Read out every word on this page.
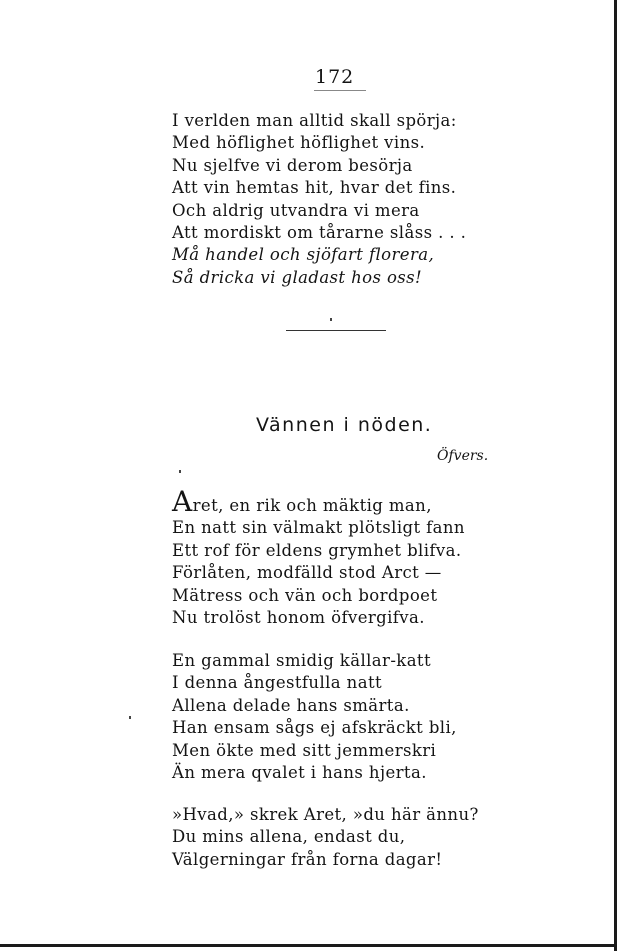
172
I verlden man alltid skall spörja:
Med höflighet höflighet vins.
Nu sjelfve vi derom besörja
Att vin hemtas hit, hvar det fins.
Och aldrig utvandra vi mera
Att mordiskt om tårarne slåss . . .
Må handel och sjöfart florera,
Så dricka vi gladast hos oss!
Vännen i nöden.
Öfvers.
Aret, en rik och mäktig man,
En natt sin välmakt plötsligt fann
Ett rof för eldens grymhet blifva.
Förlåten, modfälld stod Arct —
Mätress och vän och bordpoet
Nu trolöst honom öfvergifva.
En gammal smidig källar-katt
I denna ångestfulla natt
Allena delade hans smärta.
Han ensam sågs ej afskräckt bli,
Men ökte med sitt jemmerskri
Än mera qvalet i hans hjerta.
»Hvad,» skrek Aret, »du här ännu?
Du mins allena, endast du,
Välgerningar från forna dagar!
